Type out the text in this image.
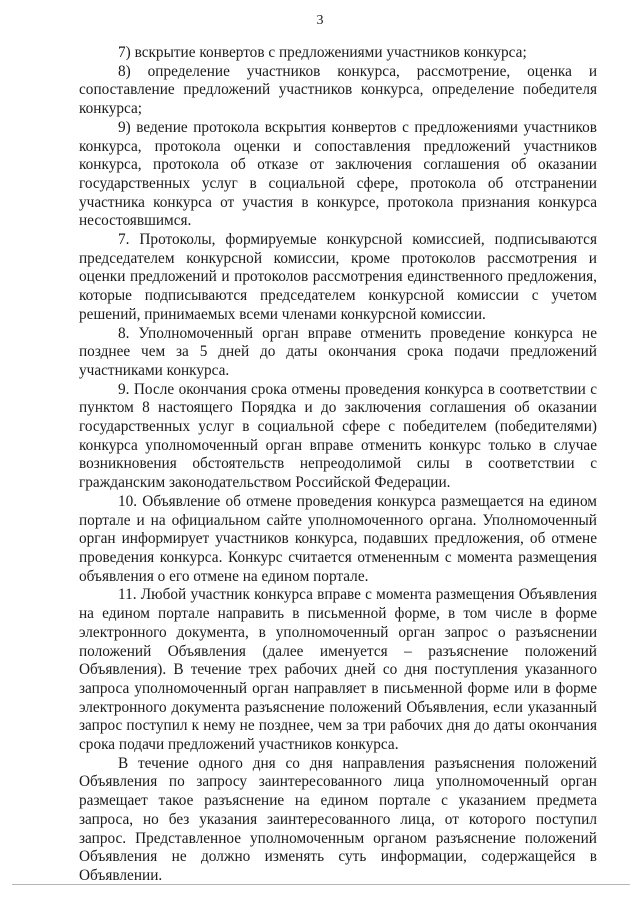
3

7) вскрытие конвертов с предложениями участников конкурса;

8) определение участников конкурса, рассмотрение, оценка и сопоставление предложений участников конкурса, определение победителя конкурса;

9) ведение протокола вскрытия конвертов с предложениями участников конкурса, протокола оценки и сопоставления предложений участников конкурса, протокола об отказе от заключения соглашения об оказании государственных услуг в социальной сфере, протокола об отстранении участника конкурса от участия в конкурсе, протокола признания конкурса несостоявшимся.

7. Протоколы, формируемые конкурсной комиссией, подписываются председателем конкурсной комиссии, кроме протоколов рассмотрения и оценки предложений и протоколов рассмотрения единственного предложения, которые подписываются председателем конкурсной комиссии с учетом решений, принимаемых всеми членами конкурсной комиссии.

8. Уполномоченный орган вправе отменить проведение конкурса не позднее чем за 5 дней до даты окончания срока подачи предложений участниками конкурса.

9. После окончания срока отмены проведения конкурса в соответствии с пунктом 8 настоящего Порядка и до заключения соглашения об оказании государственных услуг в социальной сфере с победителем (победителями) конкурса уполномоченный орган вправе отменить конкурс только в случае возникновения обстоятельств непреодолимой силы в соответствии с гражданским законодательством Российской Федерации.

10. Объявление об отмене проведения конкурса размещается на едином портале и на официальном сайте уполномоченного органа. Уполномоченный орган информирует участников конкурса, подавших предложения, об отмене проведения конкурса. Конкурс считается отмененным с момента размещения объявления о его отмене на едином портале.

11. Любой участник конкурса вправе с момента размещения Объявления на едином портале направить в письменной форме, в том числе в форме электронного документа, в уполномоченный орган запрос о разъяснении положений Объявления (далее именуется – разъяснение положений Объявления). В течение трех рабочих дней со дня поступления указанного запроса уполномоченный орган направляет в письменной форме или в форме электронного документа разъяснение положений Объявления, если указанный запрос поступил к нему не позднее, чем за три рабочих дня до даты окончания срока подачи предложений участников конкурса.

В течение одного дня со дня направления разъяснения положений Объявления по запросу заинтересованного лица уполномоченный орган размещает такое разъяснение на едином портале с указанием предмета запроса, но без указания заинтересованного лица, от которого поступил запрос. Представленное уполномоченным органом разъяснение положений Объявления не должно изменять суть информации, содержащейся в Объявлении.
